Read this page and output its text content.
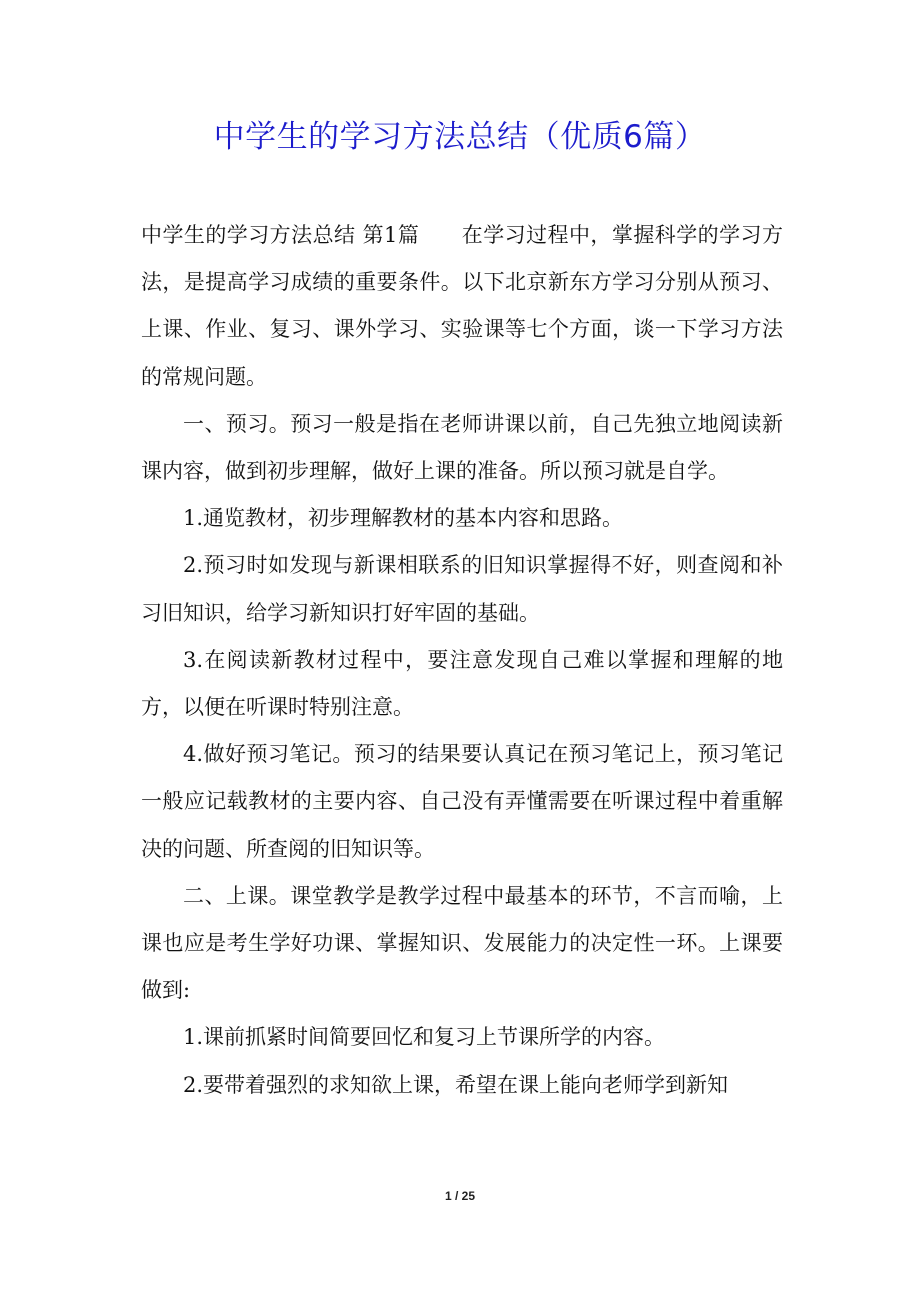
中学生的学习方法总结（优质6篇）

中学生的学习方法总结 第1篇 在学习过程中，掌握科学的学习方法，是提高学习成绩的重要条件。以下北京新东方学习分别从预习、上课、作业、复习、课外学习、实验课等七个方面，谈一下学习方法的常规问题。

一、预习。预习一般是指在老师讲课以前，自己先独立地阅读新课内容，做到初步理解，做好上课的准备。所以预习就是自学。

1.通览教材，初步理解教材的基本内容和思路。

2.预习时如发现与新课相联系的旧知识掌握得不好，则查阅和补习旧知识，给学习新知识打好牢固的基础。

3.在阅读新教材过程中，要注意发现自己难以掌握和理解的地方，以便在听课时特别注意。

4.做好预习笔记。预习的结果要认真记在预习笔记上，预习笔记一般应记载教材的主要内容、自己没有弄懂需要在听课过程中着重解决的问题、所查阅的旧知识等。

二、上课。课堂教学是教学过程中最基本的环节，不言而喻，上课也应是考生学好功课、掌握知识、发展能力的决定性一环。上课要做到:

1.课前抓紧时间简要回忆和复习上节课所学的内容。

2.要带着强烈的求知欲上课，希望在课上能向老师学到新知

1 / 25
